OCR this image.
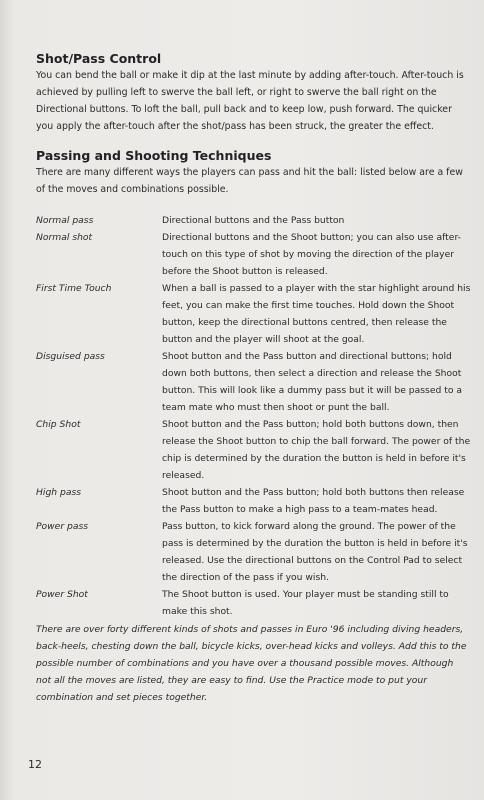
Shot/Pass Control

You can bend the ball or make it dip at the last minute by adding after-touch. After-touch is achieved by pulling left to swerve the ball left, or right to swerve the ball right on the Directional buttons. To loft the ball, pull back and to keep low, push forward. The quicker you apply the after-touch after the shot/pass has been struck, the greater the effect.

Passing and Shooting Techniques

There are many different ways the players can pass and hit the ball: listed below are a few of the moves and combinations possible.

Normal pass	Directional buttons and the Pass button
Normal shot	Directional buttons and the Shoot button; you can also use after-touch on this type of shot by moving the direction of the player before the Shoot button is released.
First Time Touch	When a ball is passed to a player with the star highlight around his feet, you can make the first time touches. Hold down the Shoot button, keep the directional buttons centred, then release the button and the player will shoot at the goal.
Disguised pass	Shoot button and the Pass button and directional buttons; hold down both buttons, then select a direction and release the Shoot button. This will look like a dummy pass but it will be passed to a team mate who must then shoot or punt the ball.
Chip Shot	Shoot button and the Pass button; hold both buttons down, then release the Shoot button to chip the ball forward. The power of the chip is determined by the duration the button is held in before it's released.
High pass	Shoot button and the Pass button; hold both buttons then release the Pass button to make a high pass to a team-mates head.
Power pass	Pass button, to kick forward along the ground. The power of the pass is determined by the duration the button is held in before it's released. Use the directional buttons on the Control Pad to select the direction of the pass if you wish.
Power Shot	The Shoot button is used. Your player must be standing still to make this shot.

There are over forty different kinds of shots and passes in Euro '96 including diving headers, back-heels, chesting down the ball, bicycle kicks, over-head kicks and volleys. Add this to the possible number of combinations and you have over a thousand possible moves. Although not all the moves are listed, they are easy to find. Use the Practice mode to put your combination and set pieces together.

12
